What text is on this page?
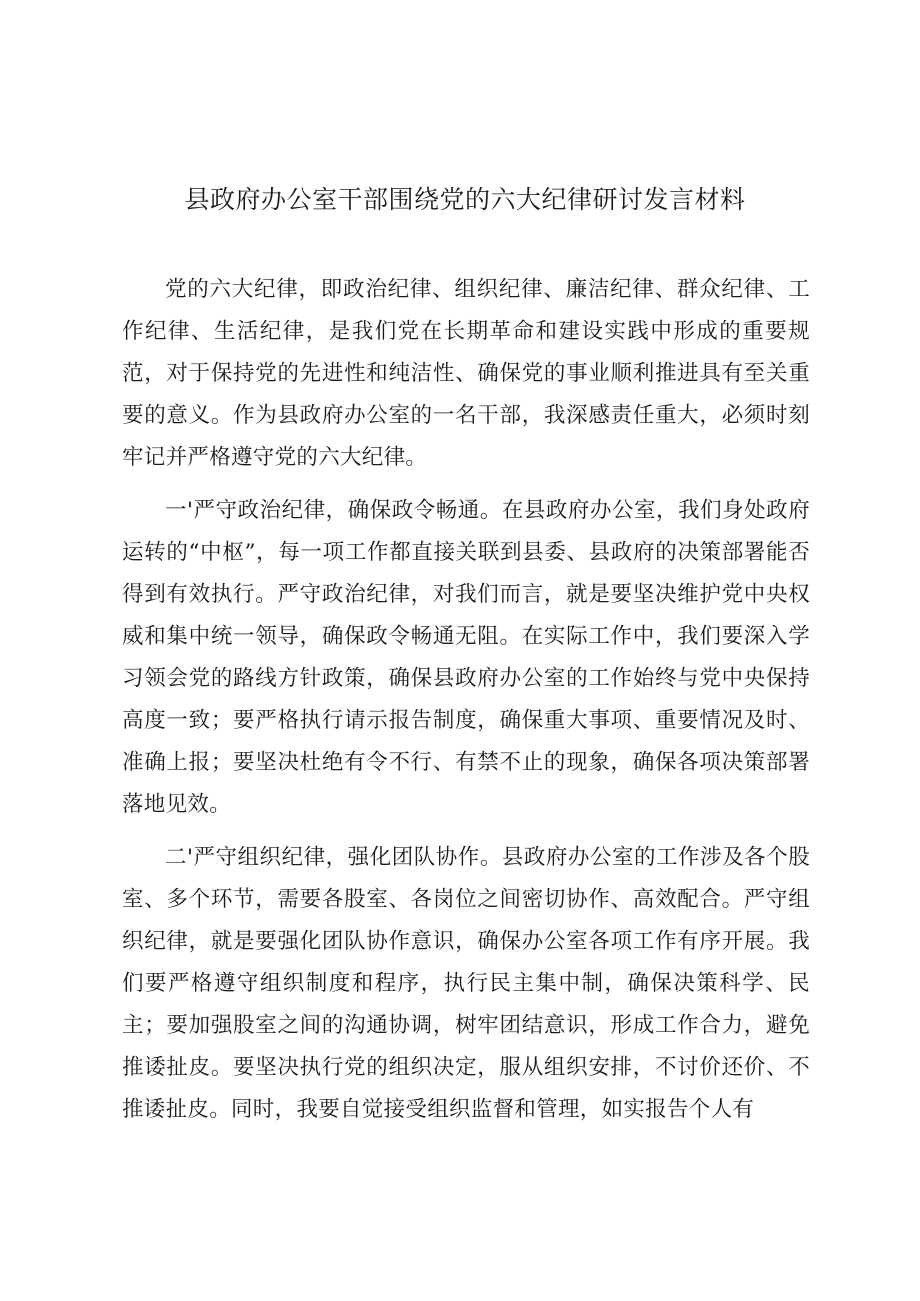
县政府办公室干部围绕党的六大纪律研讨发言材料

党的六大纪律，即政治纪律、组织纪律、廉洁纪律、群众纪律、工作纪律、生活纪律，是我们党在长期革命和建设实践中形成的重要规范，对于保持党的先进性和纯洁性、确保党的事业顺利推进具有至关重要的意义。作为县政府办公室的一名干部，我深感责任重大，必须时刻牢记并严格遵守党的六大纪律。

一'严守政治纪律，确保政令畅通。在县政府办公室，我们身处政府运转的“中枢”，每一项工作都直接关联到县委、县政府的决策部署能否得到有效执行。严守政治纪律，对我们而言，就是要坚决维护党中央权威和集中统一领导，确保政令畅通无阻。在实际工作中，我们要深入学习领会党的路线方针政策，确保县政府办公室的工作始终与党中央保持高度一致；要严格执行请示报告制度，确保重大事项、重要情况及时、准确上报；要坚决杜绝有令不行、有禁不止的现象，确保各项决策部署落地见效。

二'严守组织纪律，强化团队协作。县政府办公室的工作涉及各个股室、多个环节，需要各股室、各岗位之间密切协作、高效配合。严守组织纪律，就是要强化团队协作意识，确保办公室各项工作有序开展。我们要严格遵守组织制度和程序，执行民主集中制，确保决策科学、民主；要加强股室之间的沟通协调，树牢团结意识，形成工作合力，避免推诿扯皮。要坚决执行党的组织决定，服从组织安排，不讨价还价、不推诿扯皮。同时，我要自觉接受组织监督和管理，如实报告个人有
